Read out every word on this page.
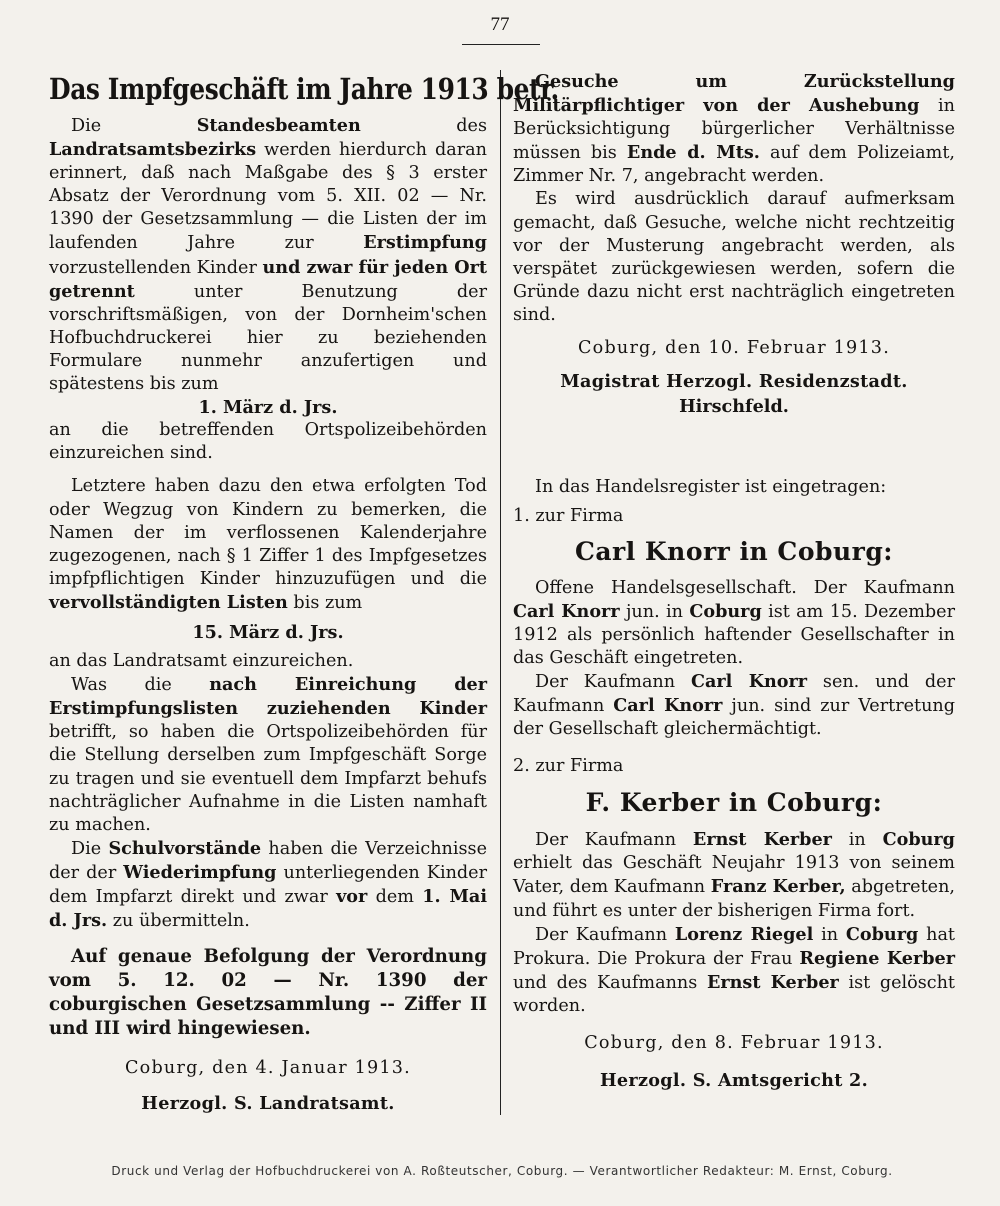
77
Das Impfgeschäft im Jahre 1913 betr.

Die Standesbeamten des Landratsamtsbezirks werden hierdurch daran erinnert, daß nach Maßgabe des § 3 erster Absatz der Verordnung vom 5. XII. 02 — Nr. 1390 der Gesetzsammlung — die Listen der im laufenden Jahre zur Erstimpfung vorzustellenden Kinder und zwar für jeden Ort getrennt unter Benutzung der vorschriftsmäßigen, von der Dornheim'schen Hofbuchdruckerei hier zu beziehenden Formulare nunmehr anzufertigen und spätestens bis zum

1. März d. Jrs.

an die betreffenden Ortspolizeibehörden einzureichen sind.

Letztere haben dazu den etwa erfolgten Tod oder Wegzug von Kindern zu bemerken, die Namen der im verflossenen Kalenderjahre zugezogenen, nach § 1 Ziffer 1 des Impfgesetzes impfpflichtigen Kinder hinzuzufügen und die vervollständigten Listen bis zum

15. März d. Jrs.

an das Landratsamt einzureichen.

Was die nach Einreichung der Erstimpfungslisten zuziehenden Kinder betrifft, so haben die Ortspolizeibehörden für die Stellung derselben zum Impfgeschäft Sorge zu tragen und sie eventuell dem Impfarzt behufs nachträglicher Aufnahme in die Listen namhaft zu machen.

Die Schulvorstände haben die Verzeichnisse der der Wiederimpfung unterliegenden Kinder dem Impfarzt direkt und zwar vor dem 1. Mai d. Jrs. zu übermitteln.

Auf genaue Befolgung der Verordnung vom 5. 12. 02 — Nr. 1390 der coburgischen Gesetzsammlung -- Ziffer II und III wird hingewiesen.

Coburg, den 4. Januar 1913.

Herzogl. S. Landratsamt.

Gesuche um Zurückstellung Militärpflichtiger von der Aushebung in Berücksichtigung bürgerlicher Verhältnisse müssen bis Ende d. Mts. auf dem Polizeiamt, Zimmer Nr. 7, angebracht werden.

Es wird ausdrücklich darauf aufmerksam gemacht, daß Gesuche, welche nicht rechtzeitig vor der Musterung angebracht werden, als verspätet zurückgewiesen werden, sofern die Gründe dazu nicht erst nachträglich eingetreten sind.

Coburg, den 10. Februar 1913.

Magistrat Herzogl. Residenzstadt.

Hirschfeld.

In das Handelsregister ist eingetragen:

1. zur Firma

Carl Knorr in Coburg:

Offene Handelsgesellschaft. Der Kaufmann Carl Knorr jun. in Coburg ist am 15. Dezember 1912 als persönlich haftender Gesellschafter in das Geschäft eingetreten.

Der Kaufmann Carl Knorr sen. und der Kaufmann Carl Knorr jun. sind zur Vertretung der Gesellschaft gleichermächtigt.

2. zur Firma

F. Kerber in Coburg:

Der Kaufmann Ernst Kerber in Coburg erhielt das Geschäft Neujahr 1913 von seinem Vater, dem Kaufmann Franz Kerber, abgetreten, und führt es unter der bisherigen Firma fort.

Der Kaufmann Lorenz Riegel in Coburg hat Prokura. Die Prokura der Frau Regiene Kerber und des Kaufmanns Ernst Kerber ist gelöscht worden.

Coburg, den 8. Februar 1913.

Herzogl. S. Amtsgericht 2.

Druck und Verlag der Hofbuchdruckerei von A. Roßteutscher, Coburg. — Verantwortlicher Redakteur: M. Ernst, Coburg.
